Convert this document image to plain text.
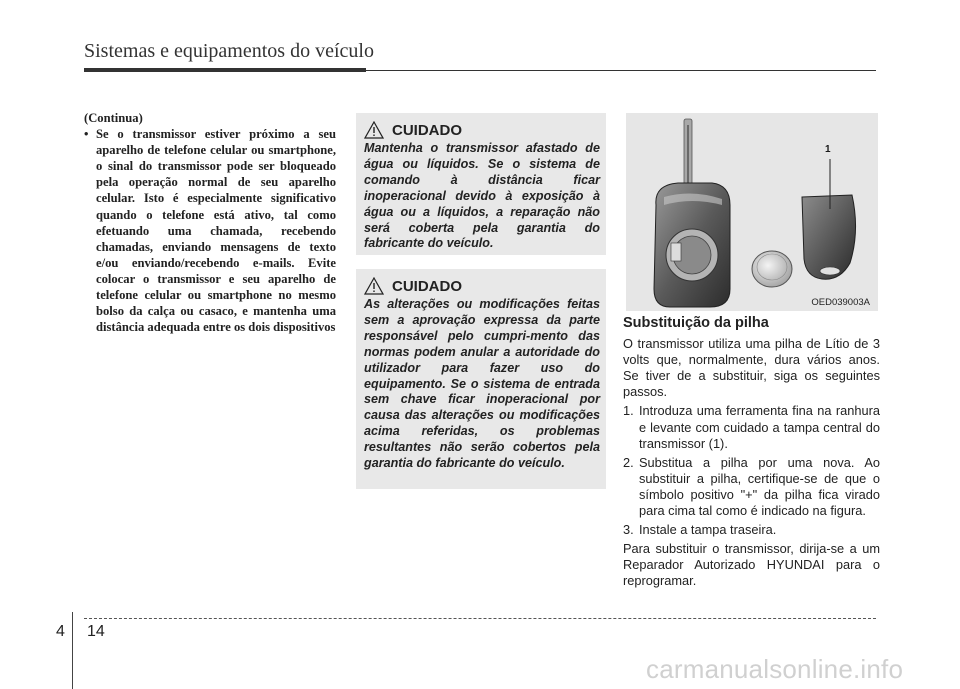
Sistemas e equipamentos do veículo

(Continua)

• Se o transmissor estiver próximo a seu aparelho de telefone celular ou smartphone, o sinal do transmissor pode ser bloqueado pela operação normal de seu aparelho celular. Isto é especialmente significativo quando o telefone está ativo, tal como efetuando uma chamada, recebendo chamadas, enviando mensagens de texto e/ou enviando/recebendo e-mails. Evite colocar o transmissor e seu aparelho de telefone celular ou smartphone no mesmo bolso da calça ou casaco, e mantenha uma distância adequada entre os dois dispositivos
CUIDADO
Mantenha o transmissor afastado de água ou líquidos. Se o sistema de comando à distância ficar inoperacional devido à exposição à água ou a líquidos, a reparação não será coberta pela garantia do fabricante do veículo.
CUIDADO
As alterações ou modificações feitas sem a aprovação expressa da parte responsável pelo cumpri-mento das normas podem anular a autoridade do utilizador para fazer uso do equipamento. Se o sistema de entrada sem chave ficar inoperacional por causa das alterações ou modificações acima referidas, os problemas resultantes não serão cobertos pela garantia do fabricante do veículo.
1
OED039003A
Substituição da pilha

O transmissor utiliza uma pilha de Lítio de 3 volts que, normalmente, dura vários anos. Se tiver de a substituir, siga os seguintes passos.

1. Introduza uma ferramenta fina na ranhura e levante com cuidado a tampa central do transmissor (1).
2. Substitua a pilha por uma nova. Ao substituir a pilha, certifique-se de que o símbolo positivo "+" da pilha fica virado para cima tal como é indicado na figura.
3. Instale a tampa traseira.

Para substituir o transmissor, dirija-se a um Reparador Autorizado HYUNDAI para o reprogramar.

4 14
carmanualsonline.info
